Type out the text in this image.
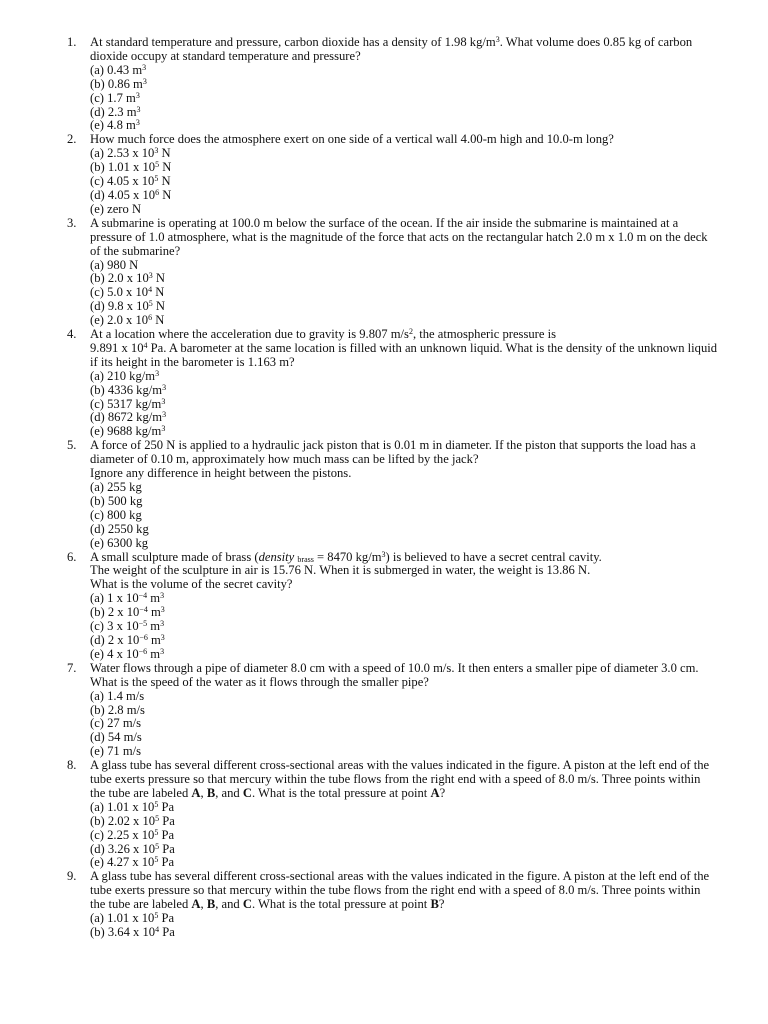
1. At standard temperature and pressure, carbon dioxide has a density of 1.98 $kg/m^3$. What volume does 0.85 kg of carbon dioxide occupy at standard temperature and pressure?
(a) 0.43 $m^3$
(b) 0.86 $m^3$
(c) 1.7 $m^3$
(d) 2.3 $m^3$
(e) 4.8 $m^3$
2. How much force does the atmosphere exert on one side of a vertical wall 4.00-m high and 10.0-m long?
(a) 2.53 x $10^3$ N
(b) 1.01 x $10^5$ N
(c) 4.05 x $10^5$ N
(d) 4.05 x $10^6$ N
(e) zero N
3. A submarine is operating at 100.0 m below the surface of the ocean. If the air inside the submarine is maintained at a pressure of 1.0 atmosphere, what is the magnitude of the force that acts on the rectangular hatch 2.0 m x 1.0 m on the deck of the submarine?
(a) 980 N
(b) 2.0 x $10^3$ N
(c) 5.0 x $10^4$ N
(d) 9.8 x $10^5$ N
(e) 2.0 x $10^6$ N
4. At a location where the acceleration due to gravity is 9.807 $m/s^2$, the atmospheric pressure is
9.891 x $10^4$ Pa. A barometer at the same location is filled with an unknown liquid. What is the density of the unknown liquid if its height in the barometer is 1.163 m?
(a) 210 $kg/m^3$
(b) 4336 $kg/m^3$
(c) 5317 $kg/m^3$
(d) 8672 $kg/m^3$
(e) 9688 $kg/m^3$
5. A force of 250 N is applied to a hydraulic jack piston that is 0.01 m in diameter. If the piston that supports the load has a diameter of 0.10 m, approximately how much mass can be lifted by the jack?
Ignore any difference in height between the pistons.
(a) 255 kg
(b) 500 kg
(c) 800 kg
(d) 2550 kg
(e) 6300 kg
6. A small sculpture made of brass (density $_{brass}$ = 8470 $kg/m^3$) is believed to have a secret central cavity.
The weight of the sculpture in air is 15.76 N. When it is submerged in water, the weight is 13.86 N.
What is the volume of the secret cavity?
(a) 1 x $10^{-4}$ $m^3$
(b) 2 x $10^{-4}$ $m^3$
(c) 3 x $10^{-5}$ $m^3$
(d) 2 x $10^{-6}$ $m^3$
(e) 4 x $10^{-6}$ $m^3$
7. Water flows through a pipe of diameter 8.0 cm with a speed of 10.0 m/s. It then enters a smaller pipe of diameter 3.0 cm. What is the speed of the water as it flows through the smaller pipe?
(a) 1.4 m/s
(b) 2.8 m/s
(c) 27 m/s
(d) 54 m/s
(e) 71 m/s
8. A glass tube has several different cross-sectional areas with the values indicated in the figure. A piston at the left end of the tube exerts pressure so that mercury within the tube flows from the right end with a speed of 8.0 m/s. Three points within the tube are labeled A, B, and C. What is the total pressure at point A?
(a) 1.01 x $10^5$ Pa
(b) 2.02 x $10^5$ Pa
(c) 2.25 x $10^5$ Pa
(d) 3.26 x $10^5$ Pa
(e) 4.27 x $10^5$ Pa
9. A glass tube has several different cross-sectional areas with the values indicated in the figure. A piston at the left end of the tube exerts pressure so that mercury within the tube flows from the right end with a speed of 8.0 m/s. Three points within the tube are labeled A, B, and C. What is the total pressure at point B?
(a) 1.01 x $10^5$ Pa
(b) 3.64 x $10^4$ Pa
